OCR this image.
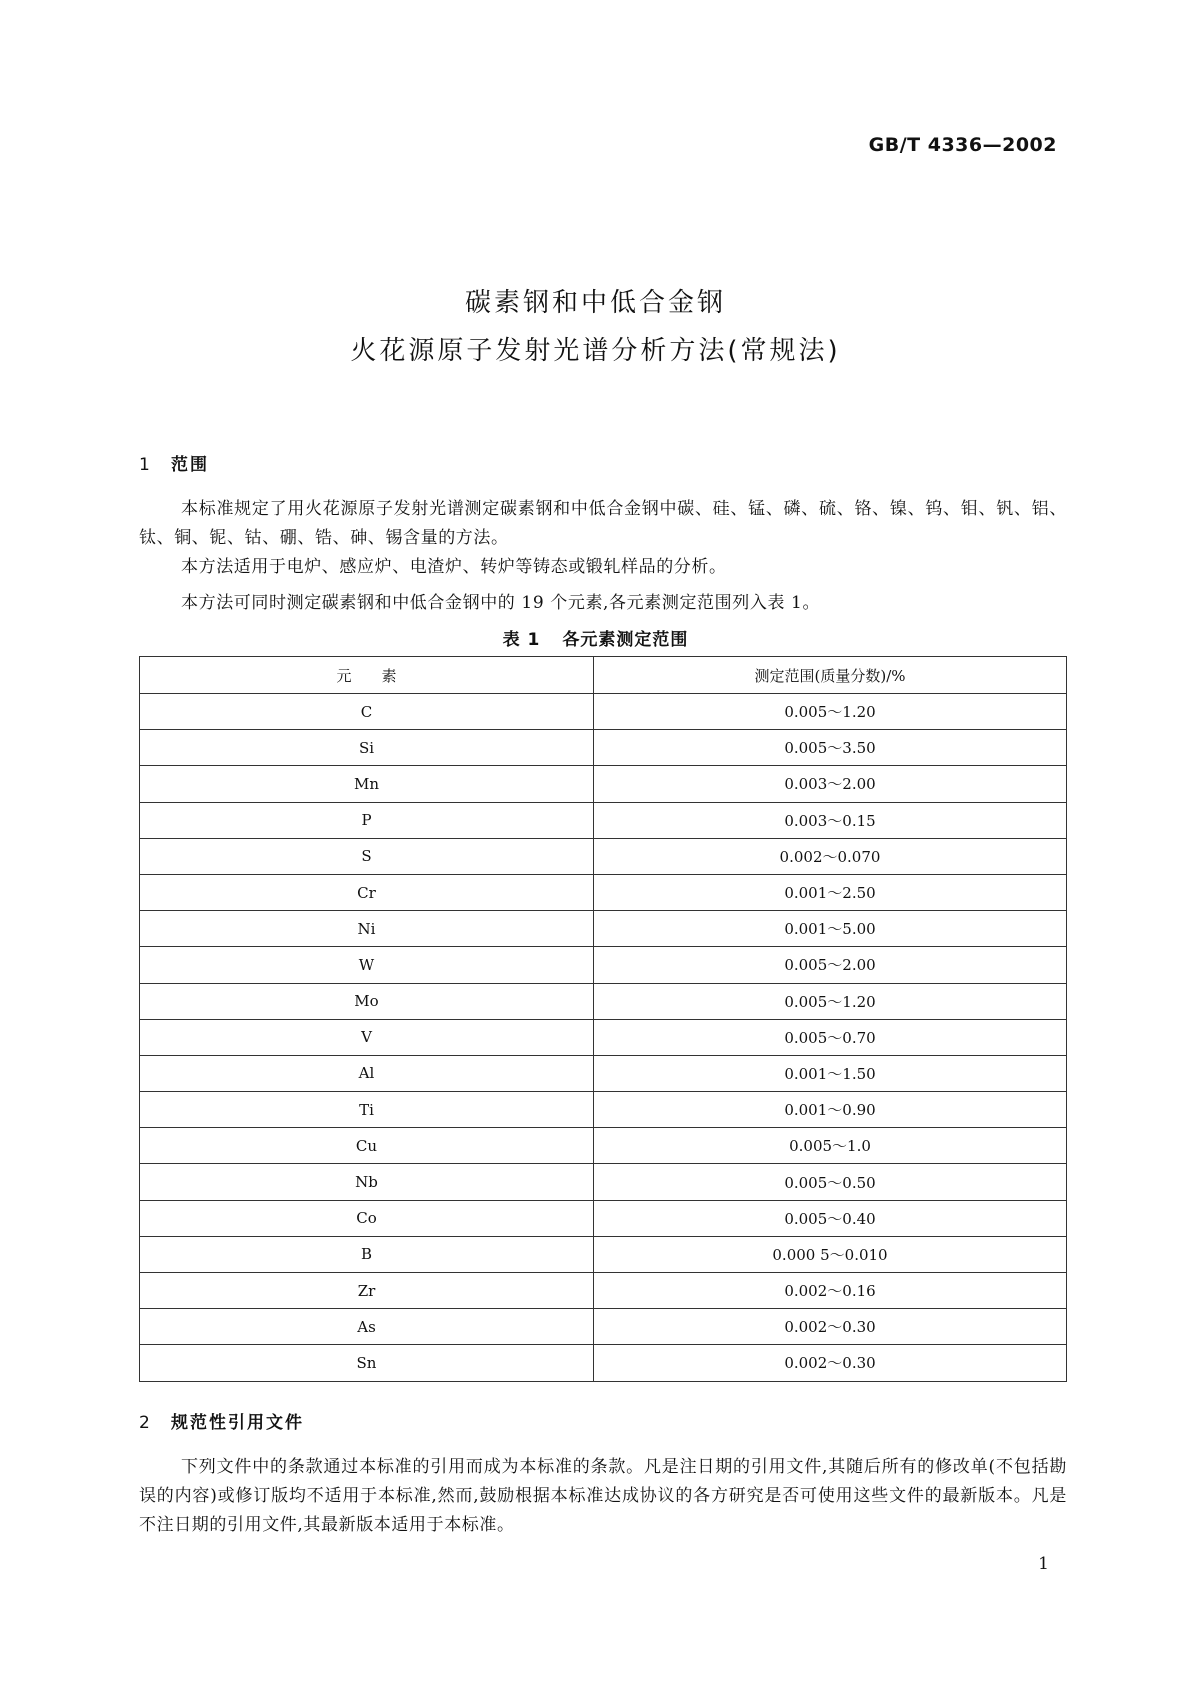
GB/T 4336—2002
碳素钢和中低合金钢
火花源原子发射光谱分析方法(常规法)
1 范围
本标准规定了用火花源原子发射光谱测定碳素钢和中低合金钢中碳、硅、锰、磷、硫、铬、镍、钨、钼、钒、铝、钛、铜、铌、钴、硼、锆、砷、锡含量的方法。
本方法适用于电炉、感应炉、电渣炉、转炉等铸态或锻轧样品的分析。
本方法可同时测定碳素钢和中低合金钢中的 19 个元素,各元素测定范围列入表 1。
表 1 各元素测定范围
元　　素	测定范围(质量分数)/%
C	0.005～1.20
Si	0.005～3.50
Mn	0.003～2.00
P	0.003～0.15
S	0.002～0.070
Cr	0.001～2.50
Ni	0.001～5.00
W	0.005～2.00
Mo	0.005～1.20
V	0.005～0.70
Al	0.001～1.50
Ti	0.001～0.90
Cu	0.005～1.0
Nb	0.005～0.50
Co	0.005～0.40
B	0.000 5～0.010
Zr	0.002～0.16
As	0.002～0.30
Sn	0.002～0.30
2 规范性引用文件
下列文件中的条款通过本标准的引用而成为本标准的条款。凡是注日期的引用文件,其随后所有的修改单(不包括勘误的内容)或修订版均不适用于本标准,然而,鼓励根据本标准达成协议的各方研究是否可使用这些文件的最新版本。凡是不注日期的引用文件,其最新版本适用于本标准。
1
